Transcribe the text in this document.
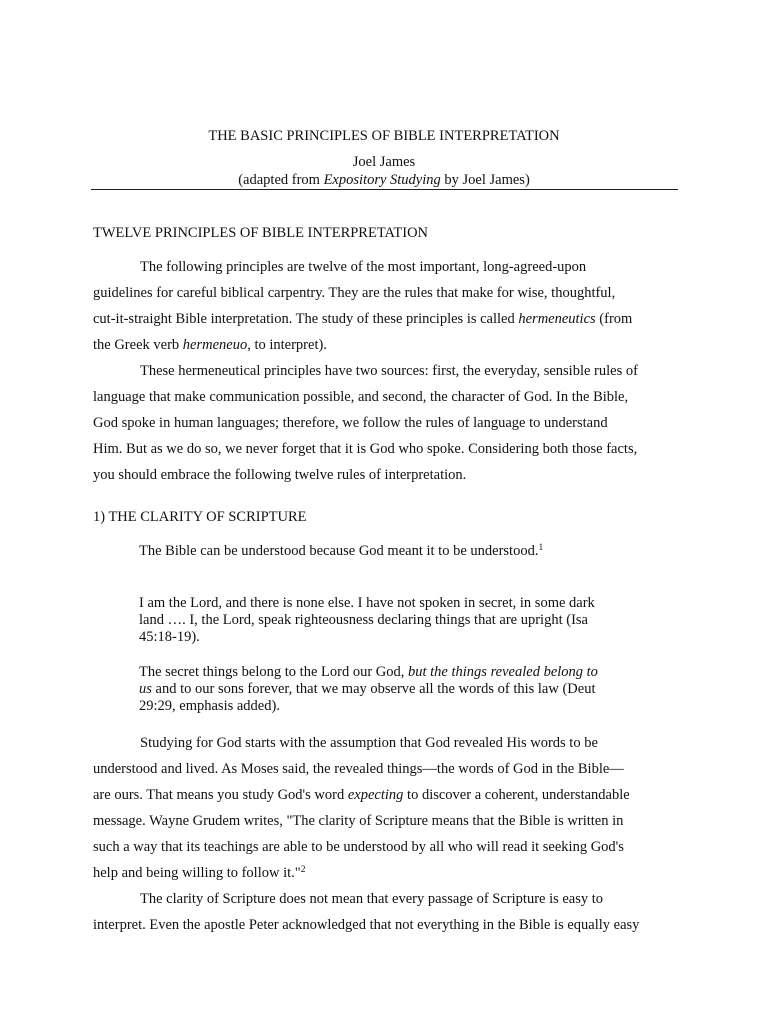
THE BASIC PRINCIPLES OF BIBLE INTERPRETATION
Joel James
(adapted from Expository Studying by Joel James)
TWELVE PRINCIPLES OF BIBLE INTERPRETATION
The following principles are twelve of the most important, long-agreed-upon
guidelines for careful biblical carpentry. They are the rules that make for wise, thoughtful,
cut-it-straight Bible interpretation. The study of these principles is called hermeneutics (from
the Greek verb hermeneuo, to interpret).
These hermeneutical principles have two sources: first, the everyday, sensible rules of
language that make communication possible, and second, the character of God. In the Bible,
God spoke in human languages; therefore, we follow the rules of language to understand
Him. But as we do so, we never forget that it is God who spoke. Considering both those facts,
you should embrace the following twelve rules of interpretation.
1) THE CLARITY OF SCRIPTURE
The Bible can be understood because God meant it to be understood.$^1$
I am the Lord, and there is none else. I have not spoken in secret, in some dark
land …. I, the Lord, speak righteousness declaring things that are upright (Isa
45:18-19).
The secret things belong to the Lord our God, but the things revealed belong to
us and to our sons forever, that we may observe all the words of this law (Deut
29:29, emphasis added).
Studying for God starts with the assumption that God revealed His words to be
understood and lived. As Moses said, the revealed things—the words of God in the Bible—
are ours. That means you study God's word expecting to discover a coherent, understandable
message. Wayne Grudem writes, "The clarity of Scripture means that the Bible is written in
such a way that its teachings are able to be understood by all who will read it seeking God's
help and being willing to follow it."$^2$
The clarity of Scripture does not mean that every passage of Scripture is easy to
interpret. Even the apostle Peter acknowledged that not everything in the Bible is equally easy
